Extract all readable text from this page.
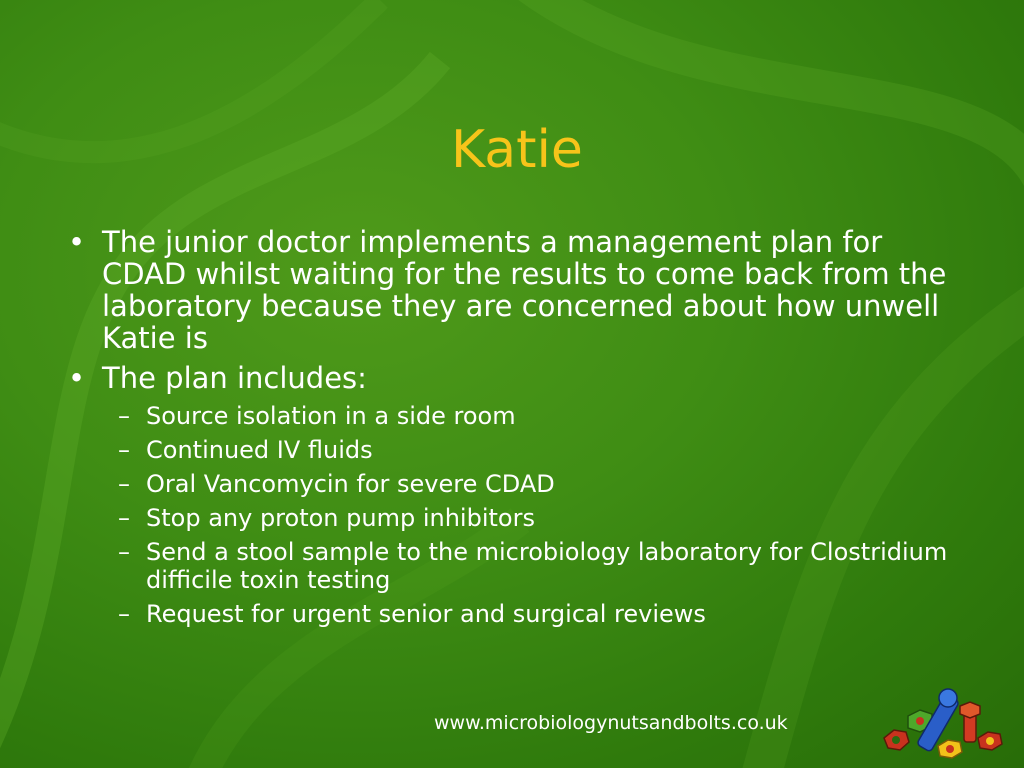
Katie
• The junior doctor implements a management plan for CDAD whilst waiting for the results to come back from the laboratory because they are concerned about how unwell Katie is
• The plan includes:
– Source isolation in a side room
– Continued IV fluids
– Oral Vancomycin for severe CDAD
– Stop any proton pump inhibitors
– Send a stool sample to the microbiology laboratory for Clostridium difficile toxin testing
– Request for urgent senior and surgical reviews
www.microbiologynutsandbolts.co.uk
